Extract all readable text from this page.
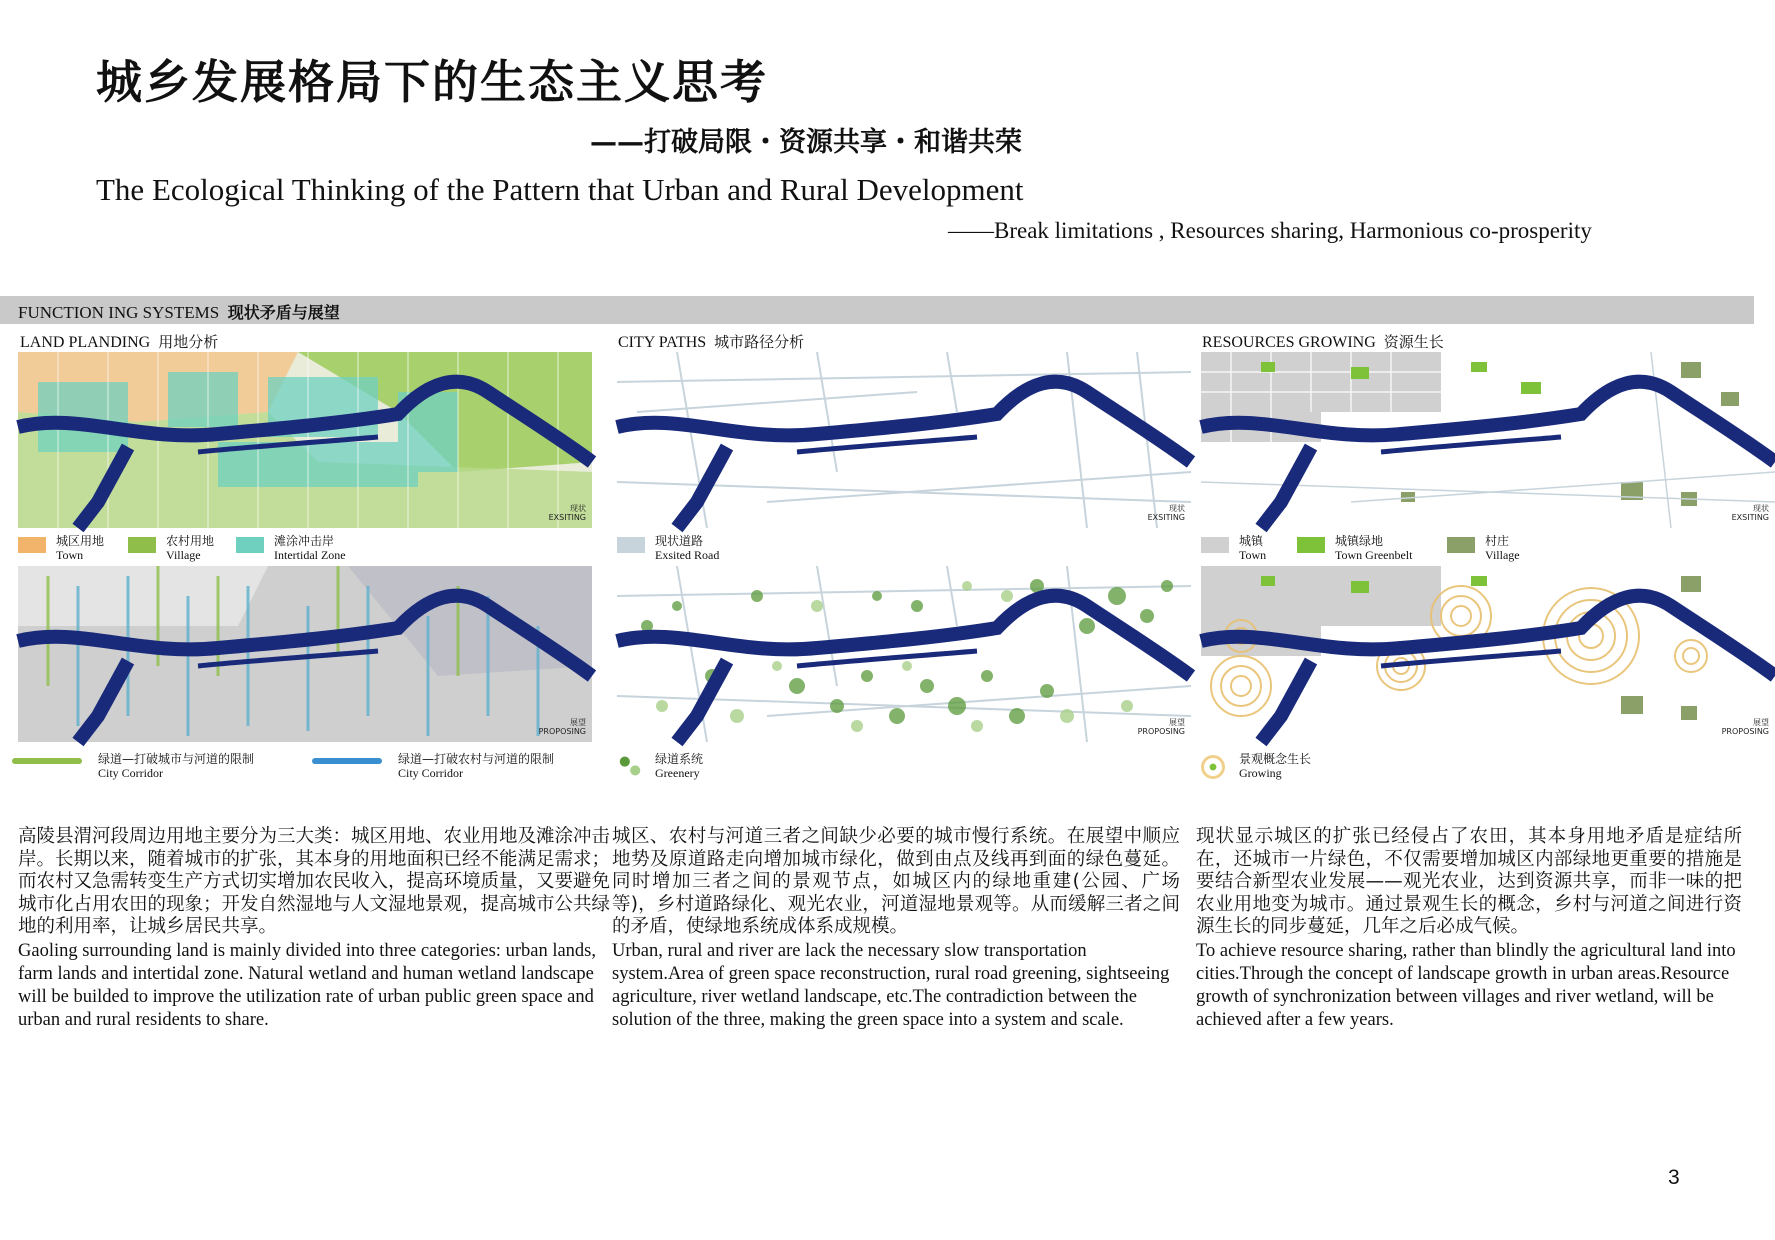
城乡发展格局下的生态主义思考
——打破局限・资源共享・和谐共荣
The Ecological Thinking of the Pattern that Urban and Rural Development
——Break limitations , Resources sharing, Harmonious co-prosperity
FUNCTION ING SYSTEMS 现状矛盾与展望
LAND PLANDING 用地分析	CITY PATHS 城市路径分析	RESOURCES GROWING 资源生长
现状
EXSITING
城区用地
Town
农村用地
Village
滩涂冲击岸
Intertidal Zone
展望
PROPOSING
绿道—打破城市与河道的限制
City Corridor
绿道—打破农村与河道的限制
City Corridor
现状
EXSITING
现状道路
Exsited Road
展望
PROPOSING
绿道系统
Greenery
现状
EXSITING
城镇
Town
城镇绿地
Town Greenbelt
村庄
Village
展望
PROPOSING
景观概念生长
Growing
高陵县渭河段周边用地主要分为三大类：城区用地、农业用地及滩涂冲击岸。长期以来，随着城市的扩张，其本身的用地面积已经不能满足需求；而农村又急需转变生产方式切实增加农民收入，提高环境质量，又要避免城市化占用农田的现象；开发自然湿地与人文湿地景观，提高城市公共绿地的利用率，让城乡居民共享。
Gaoling surrounding land is mainly divided into three categories: urban lands, farm lands and intertidal zone. Natural wetland and human wetland landscape will be builded to improve the utilization rate of urban public green space and urban and rural residents to share.
城区、农村与河道三者之间缺少必要的城市慢行系统。在展望中顺应地势及原道路走向增加城市绿化，做到由点及线再到面的绿色蔓延。同时增加三者之间的景观节点，如城区内的绿地重建(公园、广场等)，乡村道路绿化、观光农业，河道湿地景观等。从而缓解三者之间的矛盾，使绿地系统成体系成规模。
Urban, rural and river are lack the necessary slow transportation system.Area of green space reconstruction, rural road greening, sightseeing agriculture, river wetland landscape, etc.The contradiction between the solution of the three, making the green space into a system and scale.
现状显示城区的扩张已经侵占了农田，其本身用地矛盾是症结所在，还城市一片绿色，不仅需要增加城区内部绿地更重要的措施是要结合新型农业发展——观光农业，达到资源共享，而非一味的把农业用地变为城市。通过景观生长的概念，乡村与河道之间进行资源生长的同步蔓延，几年之后必成气候。
To achieve resource sharing, rather than blindly the agricultural land into cities.Through the concept of landscape growth in urban areas.Resource growth of synchronization between villages and river wetland, will be achieved after a few years.
3
